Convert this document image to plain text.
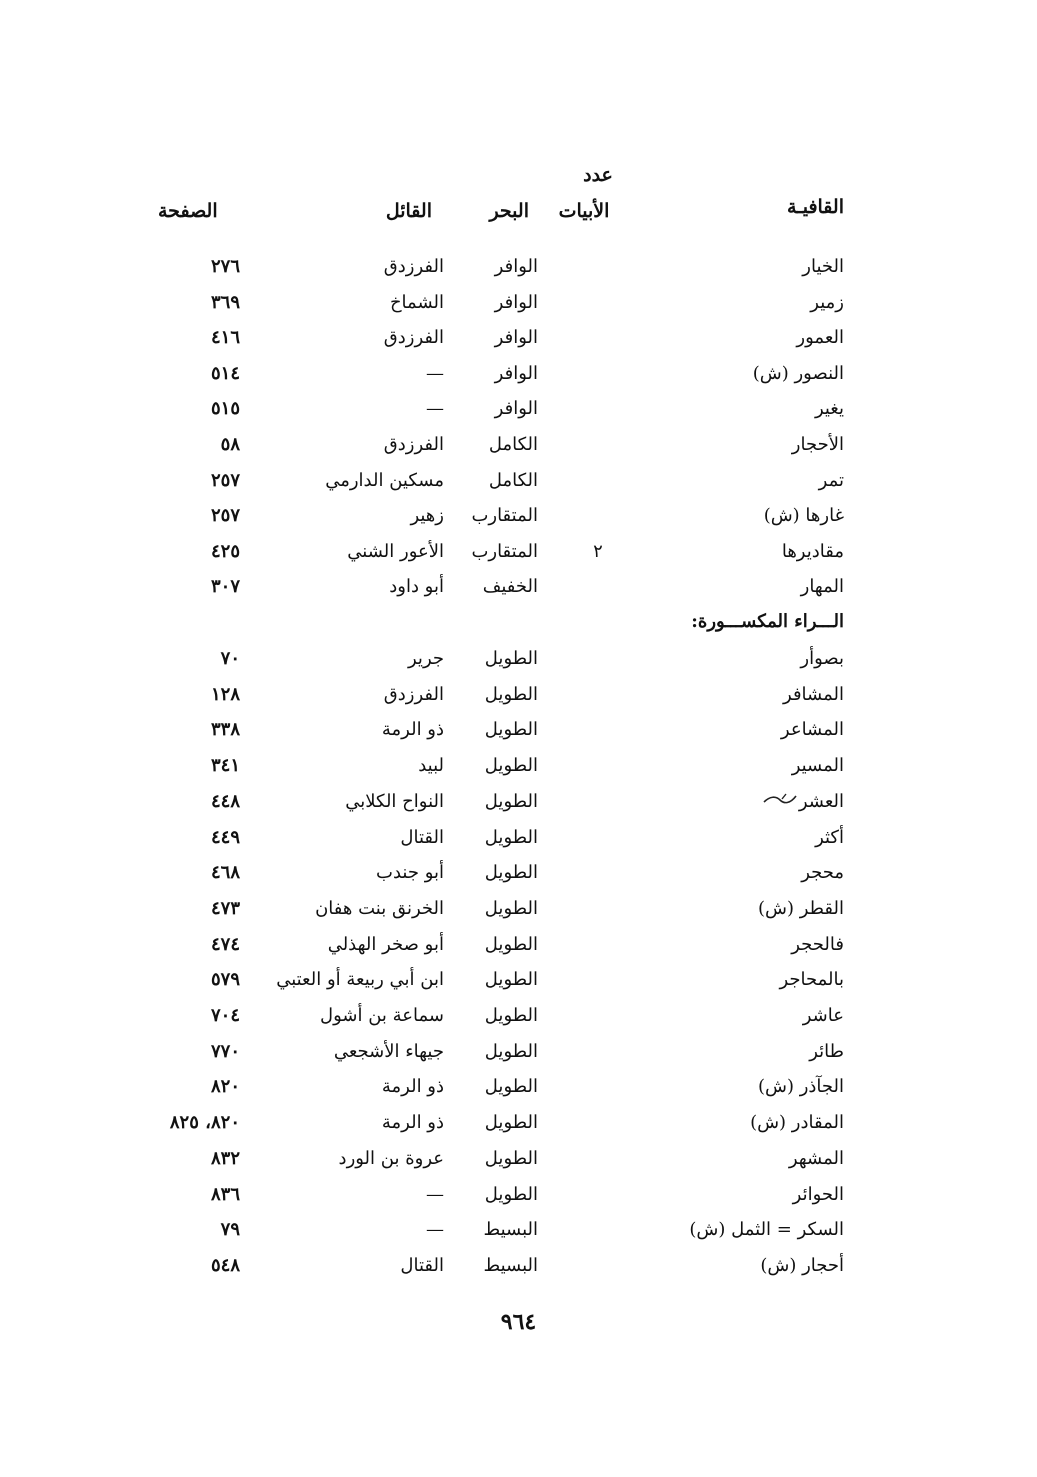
القافيـة
عدد
الأبيات
البحر
القائل
الصفحة
الخيار
الوافر
الفرزدق
٢٧٦
زمير
الوافر
الشماخ
٣٦٩
العمور
الوافر
الفرزدق
٤١٦
النصور (ش)
الوافر
—
٥١٤
يغير
الوافر
—
٥١٥
الأحجار
الكامل
الفرزدق
٥٨
تمر
الكامل
مسكين الدارمي
٢٥٧
غارها (ش)
المتقارب
زهير
٢٥٧
مقاديرها
٢
المتقارب
الأعور الشني
٤٢٥
المهار
الخفيف
أبو داود
٣٠٧
الـــراء المكســـورة:
بصوأر
الطويل
جرير
٧٠
المشافر
الطويل
الفرزدق
١٢٨
المشاعر
الطويل
ذو الرمة
٣٣٨
المسير
الطويل
لبيد
٣٤١
العشر
الطويل
النواح الكلابي
٤٤٨
أكثر
الطويل
القتال
٤٤٩
محجر
الطويل
أبو جندب
٤٦٨
القطر (ش)
الطويل
الخرنق بنت هفان
٤٧٣
فالحجر
الطويل
أبو صخر الهذلي
٤٧٤
بالمحاجر
الطويل
ابن أبي ربيعة أو العتبي
٥٧٩
عاشر
الطويل
سماعة بن أشول
٧٠٤
طائر
الطويل
جيهاء الأشجعي
٧٧٠
الجآذر (ش)
الطويل
ذو الرمة
٨٢٠
المقادر (ش)
الطويل
ذو الرمة
٨٢٠، ٨٢٥
المشهر
الطويل
عروة بن الورد
٨٣٢
الحوائر
الطويل
—
٨٣٦
السكر = الثمل (ش)
البسيط
—
٧٩
أحجار (ش)
البسيط
القتال
٥٤٨
٩٦٤
